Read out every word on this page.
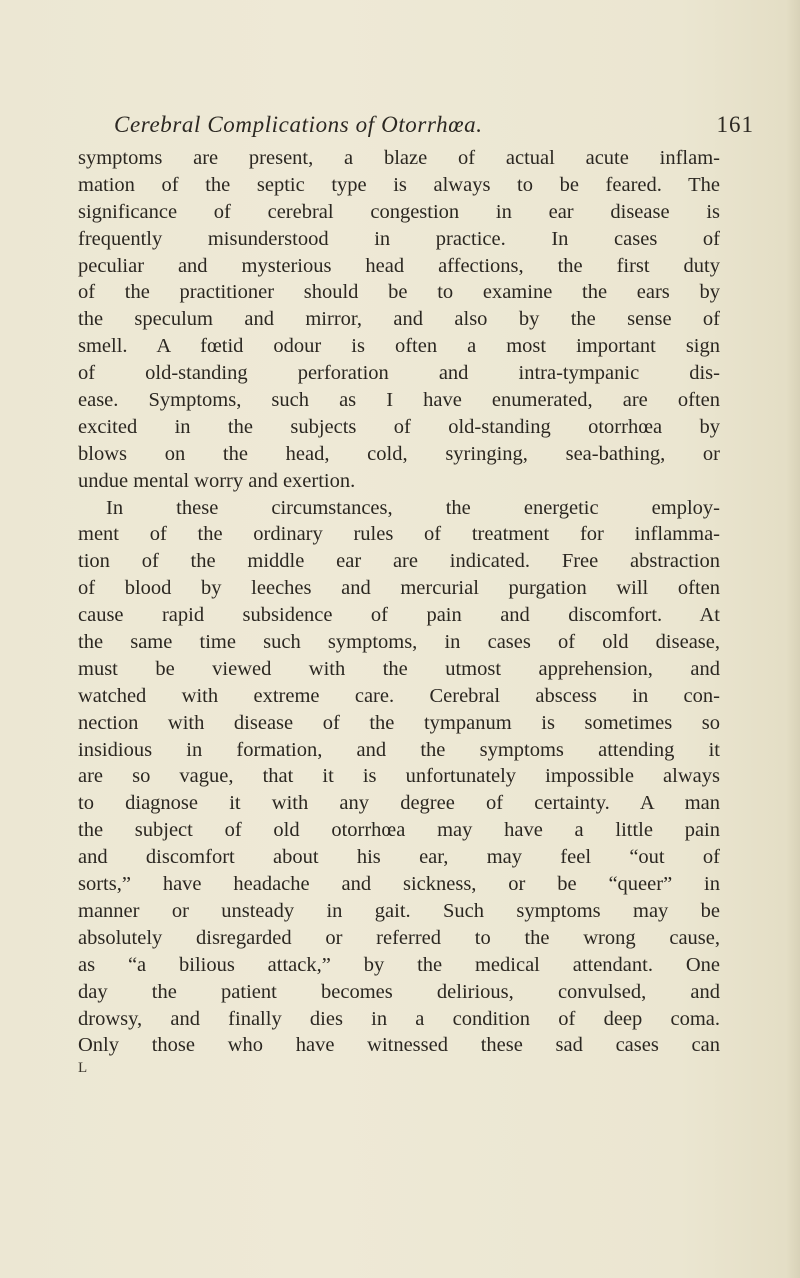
Cerebral Complications of Otorrhœa.	161
symptoms are present, a blaze of actual acute inflam-
mation of the septic type is always to be feared. The
significance of cerebral congestion in ear disease is
frequently misunderstood in practice. In cases of
peculiar and mysterious head affections, the first duty
of the practitioner should be to examine the ears by
the speculum and mirror, and also by the sense of
smell. A fœtid odour is often a most important sign
of old-standing perforation and intra-tympanic dis-
ease. Symptoms, such as I have enumerated, are often
excited in the subjects of old-standing otorrhœa by
blows on the head, cold, syringing, sea-bathing, or
undue mental worry and exertion.
In these circumstances, the energetic employ-
ment of the ordinary rules of treatment for inflamma-
tion of the middle ear are indicated. Free abstraction
of blood by leeches and mercurial purgation will often
cause rapid subsidence of pain and discomfort. At
the same time such symptoms, in cases of old disease,
must be viewed with the utmost apprehension, and
watched with extreme care. Cerebral abscess in con-
nection with disease of the tympanum is sometimes so
insidious in formation, and the symptoms attending it
are so vague, that it is unfortunately impossible always
to diagnose it with any degree of certainty. A man
the subject of old otorrhœa may have a little pain
and discomfort about his ear, may feel “out of
sorts,” have headache and sickness, or be “queer” in
manner or unsteady in gait. Such symptoms may be
absolutely disregarded or referred to the wrong cause,
as “a bilious attack,” by the medical attendant. One
day the patient becomes delirious, convulsed, and
drowsy, and finally dies in a condition of deep coma.
Only those who have witnessed these sad cases can
L
